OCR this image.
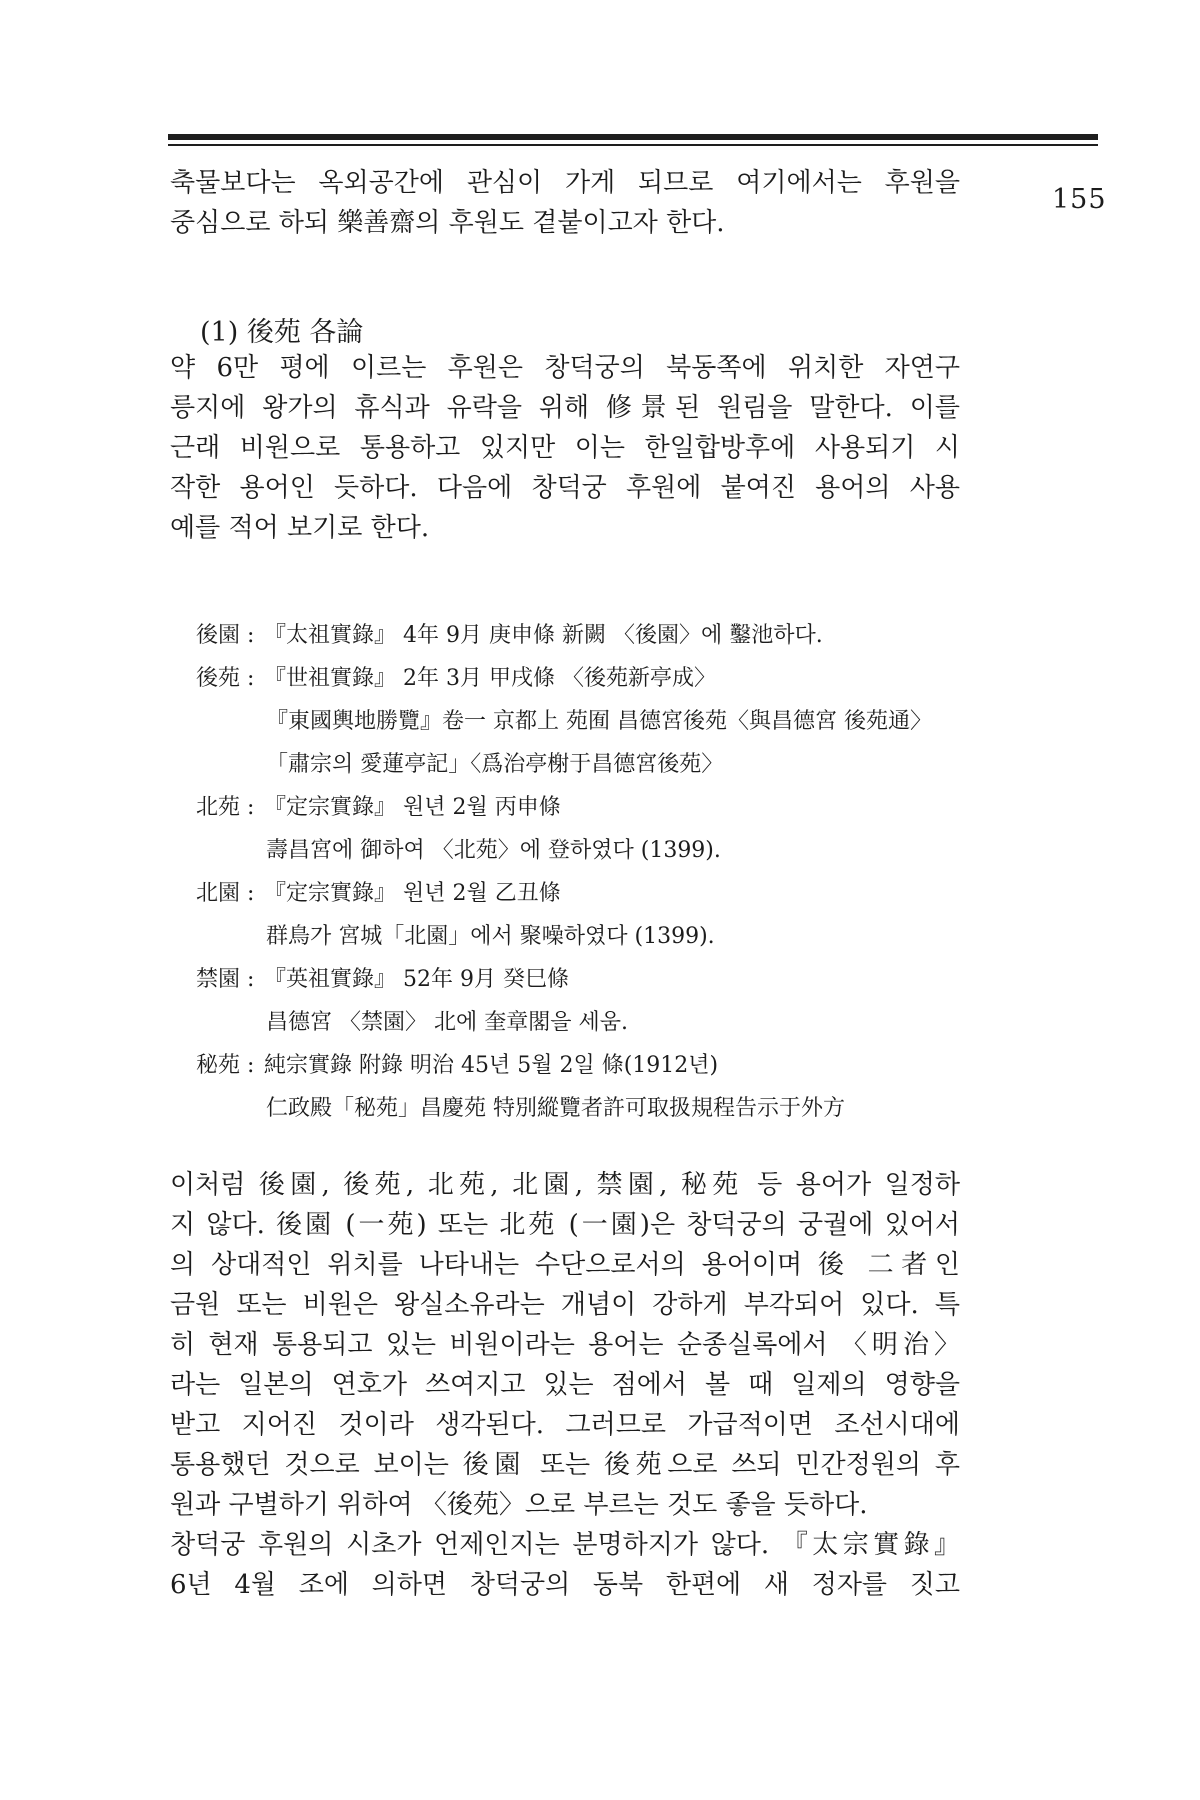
155
축물보다는 옥외공간에 관심이 가게 되므로 여기에서는 후원을
중심으로 하되 樂善齋의 후원도 곁붙이고자 한다.
(1) 後苑 各論
약 6만 평에 이르는 후원은 창덕궁의 북동쪽에 위치한 자연구
릉지에 왕가의 휴식과 유락을 위해 修景된 원림을 말한다. 이를
근래 비원으로 통용하고 있지만 이는 한일합방후에 사용되기 시
작한 용어인 듯하다. 다음에 창덕궁 후원에 붙여진 용어의 사용
예를 적어 보기로 한다.
後園 : 『太祖實錄』 4年 9月 庚申條 新闕 〈後園〉에 鑿池하다.
後苑 : 『世祖實錄』 2年 3月 甲戌條 〈後苑新亭成〉
『東國輿地勝覽』卷一 京都上 苑囿 昌德宮後苑〈與昌德宮 後苑通〉
「肅宗의 愛蓮亭記」〈爲治亭榭于昌德宮後苑〉
北苑 : 『定宗實錄』 원년 2월 丙申條
壽昌宮에 御하여 〈北苑〉에 登하였다 (1399).
北園 : 『定宗實錄』 원년 2월 乙丑條
群鳥가 宮城「北園」에서 聚噪하였다 (1399).
禁園 : 『英祖實錄』 52年 9月 癸巳條
昌德宮 〈禁園〉 北에 奎章閣을 세움.
秘苑 : 純宗實錄 附錄 明治 45년 5월 2일 條(1912년)
仁政殿「秘苑」昌慶苑 特別縱覽者許可取扱規程告示于外方
이처럼 後園, 後苑, 北苑, 北園, 禁園, 秘苑 등 용어가 일정하
지 않다. 後園 (一苑) 또는 北苑 (一園)은 창덕궁의 궁궐에 있어서
의 상대적인 위치를 나타내는 수단으로서의 용어이며 後 二者인
금원 또는 비원은 왕실소유라는 개념이 강하게 부각되어 있다. 특
히 현재 통용되고 있는 비원이라는 용어는 순종실록에서 〈明治〉
라는 일본의 연호가 쓰여지고 있는 점에서 볼 때 일제의 영향을
받고 지어진 것이라 생각된다. 그러므로 가급적이면 조선시대에
통용했던 것으로 보이는 後園 또는 後苑으로 쓰되 민간정원의 후
원과 구별하기 위하여 〈後苑〉으로 부르는 것도 좋을 듯하다.
창덕궁 후원의 시초가 언제인지는 분명하지가 않다. 『太宗實錄』
6년 4월 조에 의하면 창덕궁의 동북 한편에 새 정자를 짓고
